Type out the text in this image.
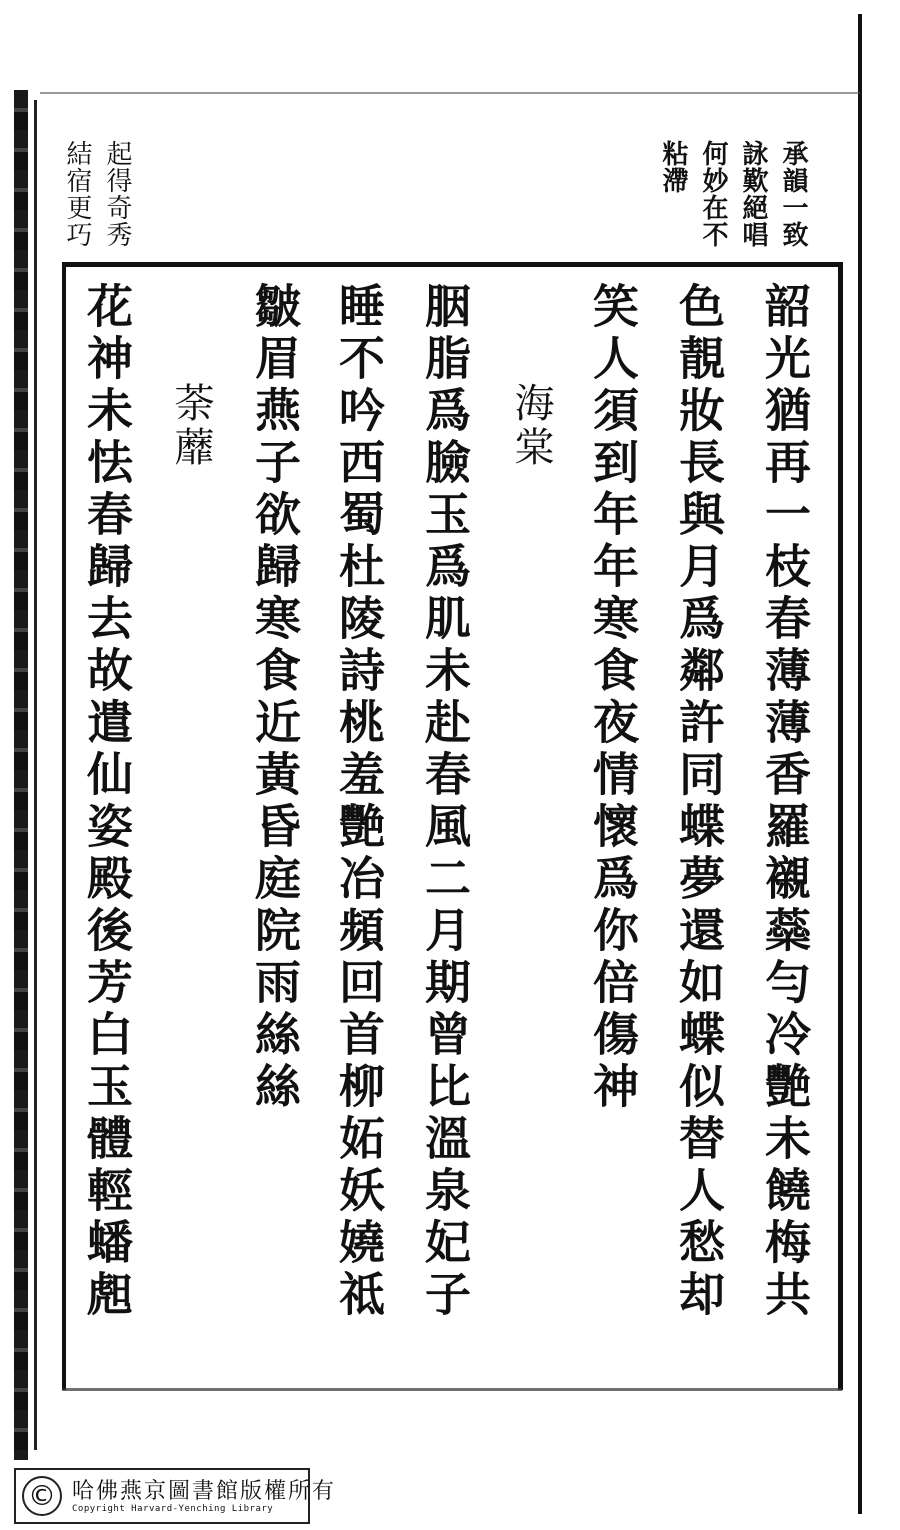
承韻一致
詠歎絕唱
何妙在不
粘滯
起得奇秀
結宿更巧
韶光猶再一枝春薄薄香羅襯蘂勻冷艷未饒梅共
色靚妝長與月爲鄰許同蝶夢還如蝶似替人愁却
笑人須到年年寒食夜情懷爲你倍傷神
海棠
胭脂爲臉玉爲肌未赴春風二月期曾比溫泉妃子
睡不吟西蜀杜陵詩桃羞艷冶頻回首柳妬妖嬈祗
皺眉燕子欲歸寒食近黃昏庭院雨絲絲
荼蘼
花神未怯春歸去故遣仙姿殿後芳白玉體輕蟠䖑
© 哈佛燕京圖書館版權所有
Copyright Harvard-Yenching Library
